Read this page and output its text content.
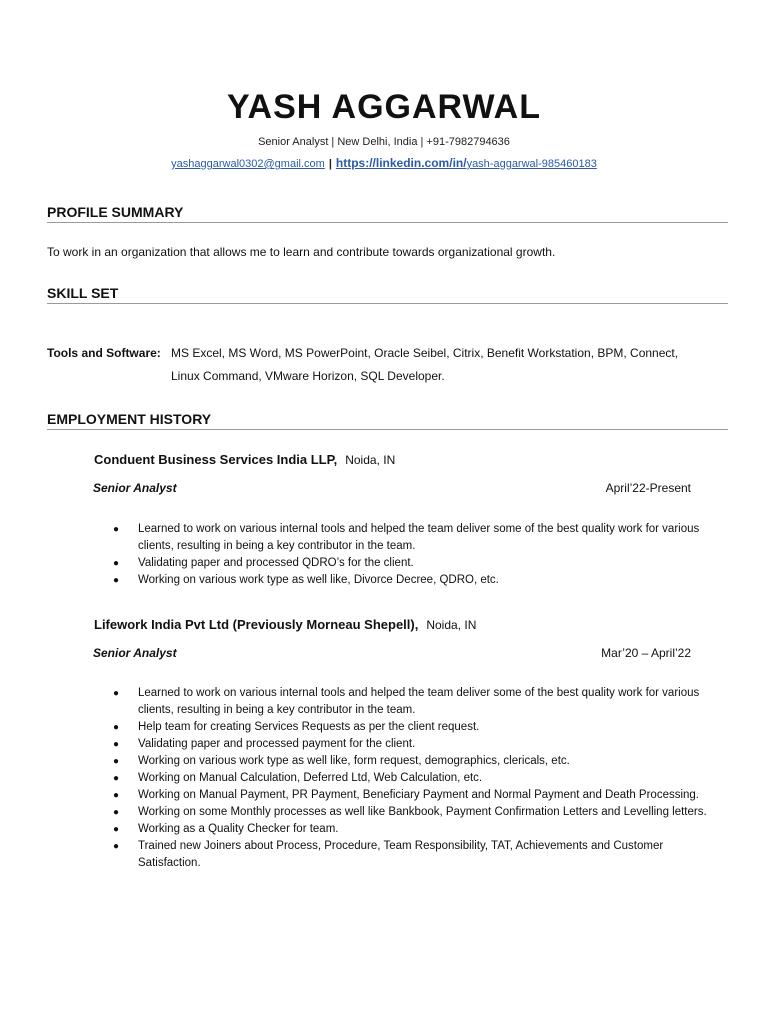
YASH AGGARWAL
Senior Analyst | New Delhi, India | +91-7982794636
yashaggarwal0302@gmail.com | https://linkedin.com/in/yash-aggarwal-985460183
PROFILE SUMMARY
To work in an organization that allows me to learn and contribute towards organizational growth.
SKILL SET
Tools and Software: MS Excel, MS Word, MS PowerPoint, Oracle Seibel, Citrix, Benefit Workstation, BPM, Connect,
Linux Command, VMware Horizon, SQL Developer.
EMPLOYMENT HISTORY
Conduent Business Services India LLP, Noida, IN
Senior Analyst	April’22-Present
● Learned to work on various internal tools and helped the team deliver some of the best quality work for various clients, resulting in being a key contributor in the team.
● Validating paper and processed QDRO’s for the client.
● Working on various work type as well like, Divorce Decree, QDRO, etc.
Lifework India Pvt Ltd (Previously Morneau Shepell), Noida, IN
Senior Analyst	Mar’20 – April’22
● Learned to work on various internal tools and helped the team deliver some of the best quality work for various clients, resulting in being a key contributor in the team.
● Help team for creating Services Requests as per the client request.
● Validating paper and processed payment for the client.
● Working on various work type as well like, form request, demographics, clericals, etc.
● Working on Manual Calculation, Deferred Ltd, Web Calculation, etc.
● Working on Manual Payment, PR Payment, Beneficiary Payment and Normal Payment and Death Processing.
● Working on some Monthly processes as well like Bankbook, Payment Confirmation Letters and Levelling letters.
● Working as a Quality Checker for team.
● Trained new Joiners about Process, Procedure, Team Responsibility, TAT, Achievements and Customer Satisfaction.
